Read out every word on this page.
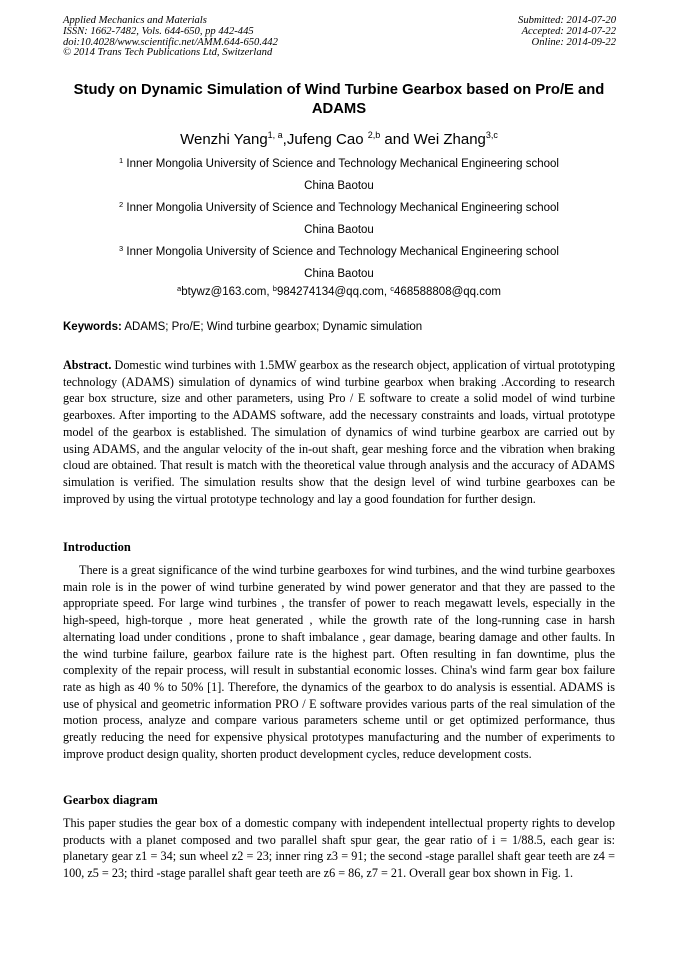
Applied Mechanics and Materials
ISSN: 1662-7482, Vols. 644-650, pp 442-445
doi:10.4028/www.scientific.net/AMM.644-650.442
© 2014 Trans Tech Publications Ltd, Switzerland
Submitted: 2014-07-20
Accepted: 2014-07-22
Online: 2014-09-22
Study on Dynamic Simulation of Wind Turbine Gearbox based on Pro/E and ADAMS
Wenzhi Yang$^{1, a}$,Jufeng Cao $^{2,b}$ and Wei Zhang$^{3,c}$
$^1$ Inner Mongolia University of Science and Technology Mechanical Engineering school
China Baotou
$^2$ Inner Mongolia University of Science and Technology Mechanical Engineering school
China Baotou
$^3$ Inner Mongolia University of Science and Technology Mechanical Engineering school
China Baotou
$^a$btywz@163.com, $^b$984274134@qq.com, $^c$468588808@qq.com
Keywords: ADAMS; Pro/E; Wind turbine gearbox; Dynamic simulation
Abstract. Domestic wind turbines with 1.5MW gearbox as the research object, application of virtual prototyping technology (ADAMS) simulation of dynamics of wind turbine gearbox when braking .According to research gear box structure, size and other parameters, using Pro / E software to create a solid model of wind turbine gearboxes. After importing to the ADAMS software, add the necessary constraints and loads, virtual prototype model of the gearbox is established. The simulation of dynamics of wind turbine gearbox are carried out by using ADAMS, and the angular velocity of the in-out shaft, gear meshing force and the vibration when braking cloud are obtained. That result is match with the theoretical value through analysis and the accuracy of ADAMS simulation is verified. The simulation results show that the design level of wind turbine gearboxes can be improved by using the virtual prototype technology and lay a good foundation for further design.
Introduction
There is a great significance of the wind turbine gearboxes for wind turbines, and the wind turbine gearboxes main role is in the power of wind turbine generated by wind power generator and that they are passed to the appropriate speed. For large wind turbines , the transfer of power to reach megawatt levels, especially in the high-speed, high-torque , more heat generated , while the growth rate of the long-running case in harsh alternating load under conditions , prone to shaft imbalance , gear damage, bearing damage and other faults. In the wind turbine failure, gearbox failure rate is the highest part. Often resulting in fan downtime, plus the complexity of the repair process, will result in substantial economic losses. China's wind farm gear box failure rate as high as 40 % to 50% [1]. Therefore, the dynamics of the gearbox to do analysis is essential. ADAMS is use of physical and geometric information PRO / E software provides various parts of the real simulation of the motion process, analyze and compare various parameters scheme until or get optimized performance, thus greatly reducing the need for expensive physical prototypes manufacturing and the number of experiments to improve product design quality, shorten product development cycles, reduce development costs.
Gearbox diagram
This paper studies the gear box of a domestic company with independent intellectual property rights to develop products with a planet composed and two parallel shaft spur gear, the gear ratio of i = 1/88.5, each gear is: planetary gear z1 = 34; sun wheel z2 = 23; inner ring z3 = 91; the second -stage parallel shaft gear teeth are z4 = 100, z5 = 23; third -stage parallel shaft gear teeth are z6 = 86, z7 = 21. Overall gear box shown in Fig. 1.
